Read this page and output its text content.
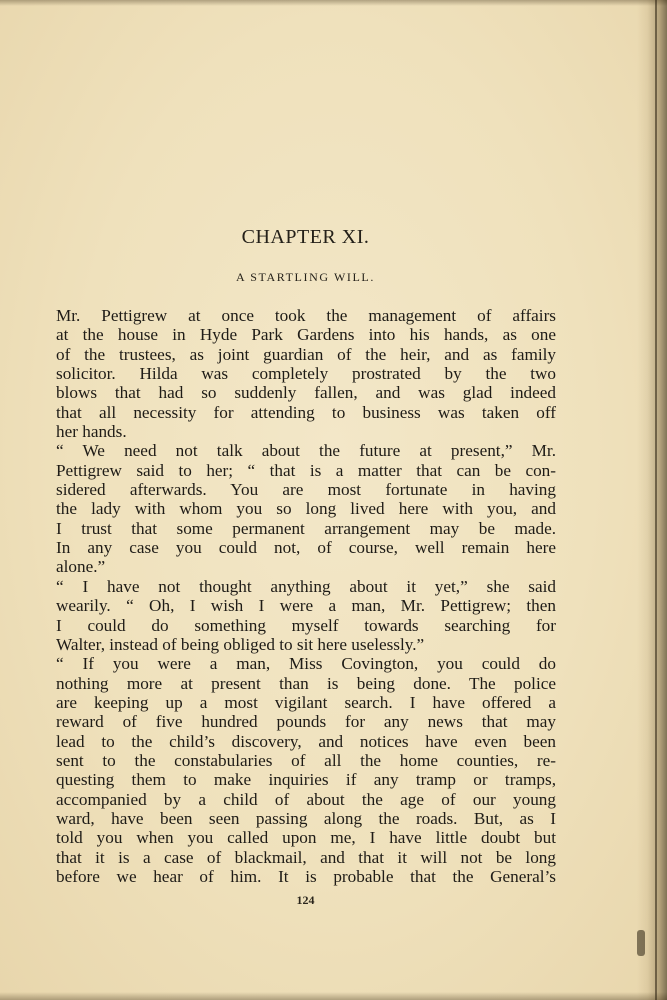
CHAPTER XI.
A STARTLING WILL.
Mr. Pettigrew at once took the management of affairs
at the house in Hyde Park Gardens into his hands, as one
of the trustees, as joint guardian of the heir, and as family
solicitor. Hilda was completely prostrated by the two
blows that had so suddenly fallen, and was glad indeed
that all necessity for attending to business was taken off
her hands.
“ We need not talk about the future at present,” Mr.
Pettigrew said to her; “ that is a matter that can be con-
sidered afterwards. You are most fortunate in having
the lady with whom you so long lived here with you, and
I trust that some permanent arrangement may be made.
In any case you could not, of course, well remain here
alone.”
“ I have not thought anything about it yet,” she said
wearily. “ Oh, I wish I were a man, Mr. Pettigrew; then
I could do something myself towards searching for
Walter, instead of being obliged to sit here uselessly.”
“ If you were a man, Miss Covington, you could do
nothing more at present than is being done. The police
are keeping up a most vigilant search. I have offered a
reward of five hundred pounds for any news that may
lead to the child’s discovery, and notices have even been
sent to the constabularies of all the home counties, re-
questing them to make inquiries if any tramp or tramps,
accompanied by a child of about the age of our young
ward, have been seen passing along the roads. But, as I
told you when you called upon me, I have little doubt but
that it is a case of blackmail, and that it will not be long
before we hear of him. It is probable that the General’s
124
